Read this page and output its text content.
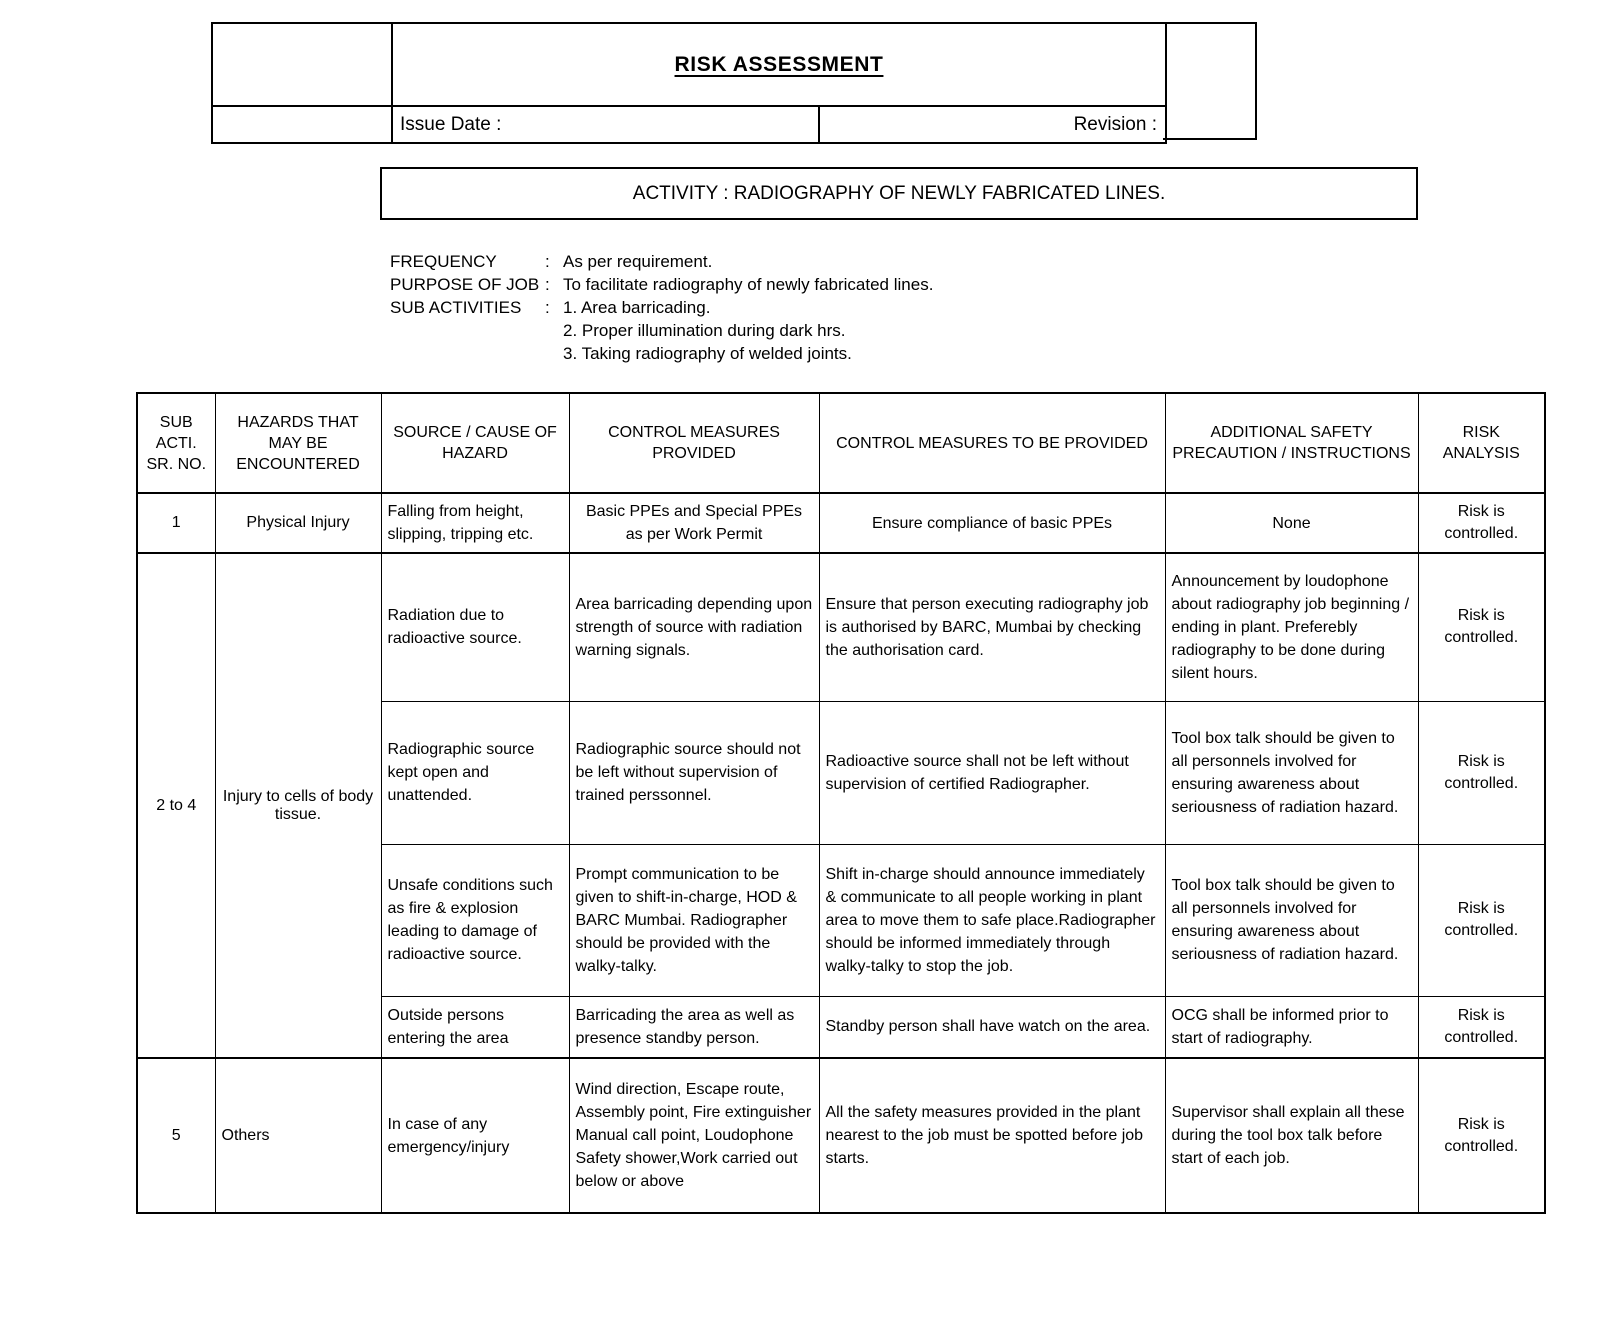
RISK ASSESSMENT
Issue Date :	Revision :
ACTIVITY : RADIOGRAPHY OF NEWLY FABRICATED LINES.
FREQUENCY	: As per requirement.
PURPOSE OF JOB : To facilitate radiography of newly fabricated lines.
SUB ACTIVITIES	: 1. Area barricading.
2. Proper illumination during dark hrs.
3. Taking radiography of welded joints.
SUB ACTI. SR. NO.	HAZARDS THAT MAY BE ENCOUNTERED	SOURCE / CAUSE OF HAZARD	CONTROL MEASURES PROVIDED	CONTROL MEASURES TO BE PROVIDED	ADDITIONAL SAFETY PRECAUTION / INSTRUCTIONS	RISK ANALYSIS
1	Physical Injury	Falling from height, slipping, tripping etc.	Basic PPEs and Special PPEs as per Work Permit	Ensure compliance of basic PPEs	None	Risk is controlled.
2 to 4	Injury to cells of body tissue.	Radiation due to radioactive source.	Area barricading depending upon strength of source with radiation warning signals.	Ensure that person executing radiography job is authorised by BARC, Mumbai by checking the authorisation card.	Announcement by loudophone about radiography job beginning / ending in plant. Preferebly radiography to be done during silent hours.	Risk is controlled.
		Radiographic source kept open and unattended.	Radiographic source should not be left without supervision of trained perssonnel.	Radioactive source shall not be left without supervision of certified Radiographer.	Tool box talk should be given to all personnels involved for ensuring awareness about seriousness of radiation hazard.	Risk is controlled.
		Unsafe conditions such as fire & explosion leading to damage of radioactive source.	Prompt communication to be given to shift-in-charge, HOD & BARC Mumbai. Radiographer should be provided with the walky-talky.	Shift in-charge should announce immediately & communicate to all people working in plant area to move them to safe place.Radiographer should be informed immediately through walky-talky to stop the job.	Tool box talk should be given to all personnels involved for ensuring awareness about seriousness of radiation hazard.	Risk is controlled.
		Outside persons entering the area	Barricading the area as well as presence standby person.	Standby person shall have watch on the area.	OCG shall be informed prior to start of radiography.	Risk is controlled.
5	Others	In case of any emergency/injury	Wind direction, Escape route, Assembly point, Fire extinguisher Manual call point, Loudophone Safety shower,Work carried out below or above	All the safety measures provided in the plant nearest to the job must be spotted before job starts.	Supervisor shall explain all these during the tool box talk before start of each job.	Risk is controlled.
